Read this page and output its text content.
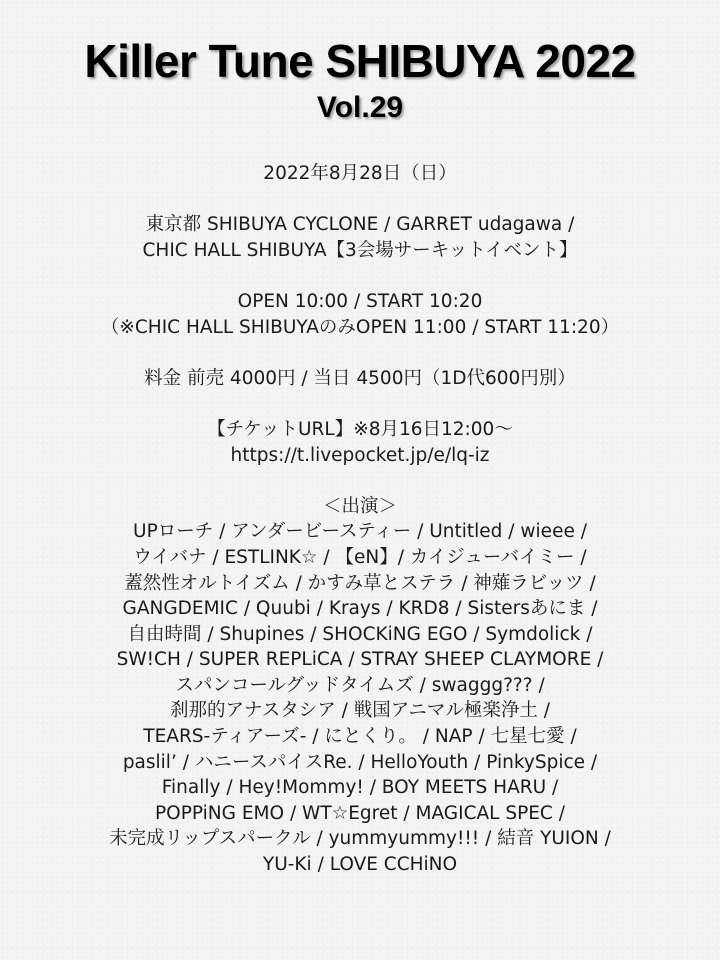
Killer Tune SHIBUYA 2022
Vol.29
2022年8月28日（日）
東京都 SHIBUYA CYCLONE / GARRET udagawa /
CHIC HALL SHIBUYA【3会場サーキットイベント】
OPEN 10:00 / START 10:20
（※CHIC HALL SHIBUYAのみOPEN 11:00 / START 11:20）
料金 前売 4000円 / 当日 4500円（1D代600円別）
【チケットURL】※8月16日12:00～
https://t.livepocket.jp/e/lq-iz
＜出演＞
UPローチ / アンダービースティー / Untitled / wieee /
ウイバナ / ESTLINK☆ / 【eN】/ カイジューバイミー /
蓋然性オルトイズム / かすみ草とステラ / 神薙ラビッツ /
GANGDEMIC / Quubi / Krays / KRD8 / Sistersあにま /
自由時間 / Shupines / SHOCKiNG EGO / Symdolick /
SW!CH / SUPER REPLiCA / STRAY SHEEP CLAYMORE /
スパンコールグッドタイムズ / swaggg??? /
刹那的アナスタシア / 戦国アニマル極楽浄土 /
TEARS-ティアーズ- / にとくり。 / NAP / 七星七愛 /
paslil’ / ハニースパイスRe. / HelloYouth / PinkySpice /
Finally / Hey!Mommy! / BOY MEETS HARU /
POPPiNG EMO / WT☆Egret / MAGICAL SPEC /
未完成リップスパークル / yummyummy!!! / 結音 YUION /
YU-Ki / LOVE CCHiNO
